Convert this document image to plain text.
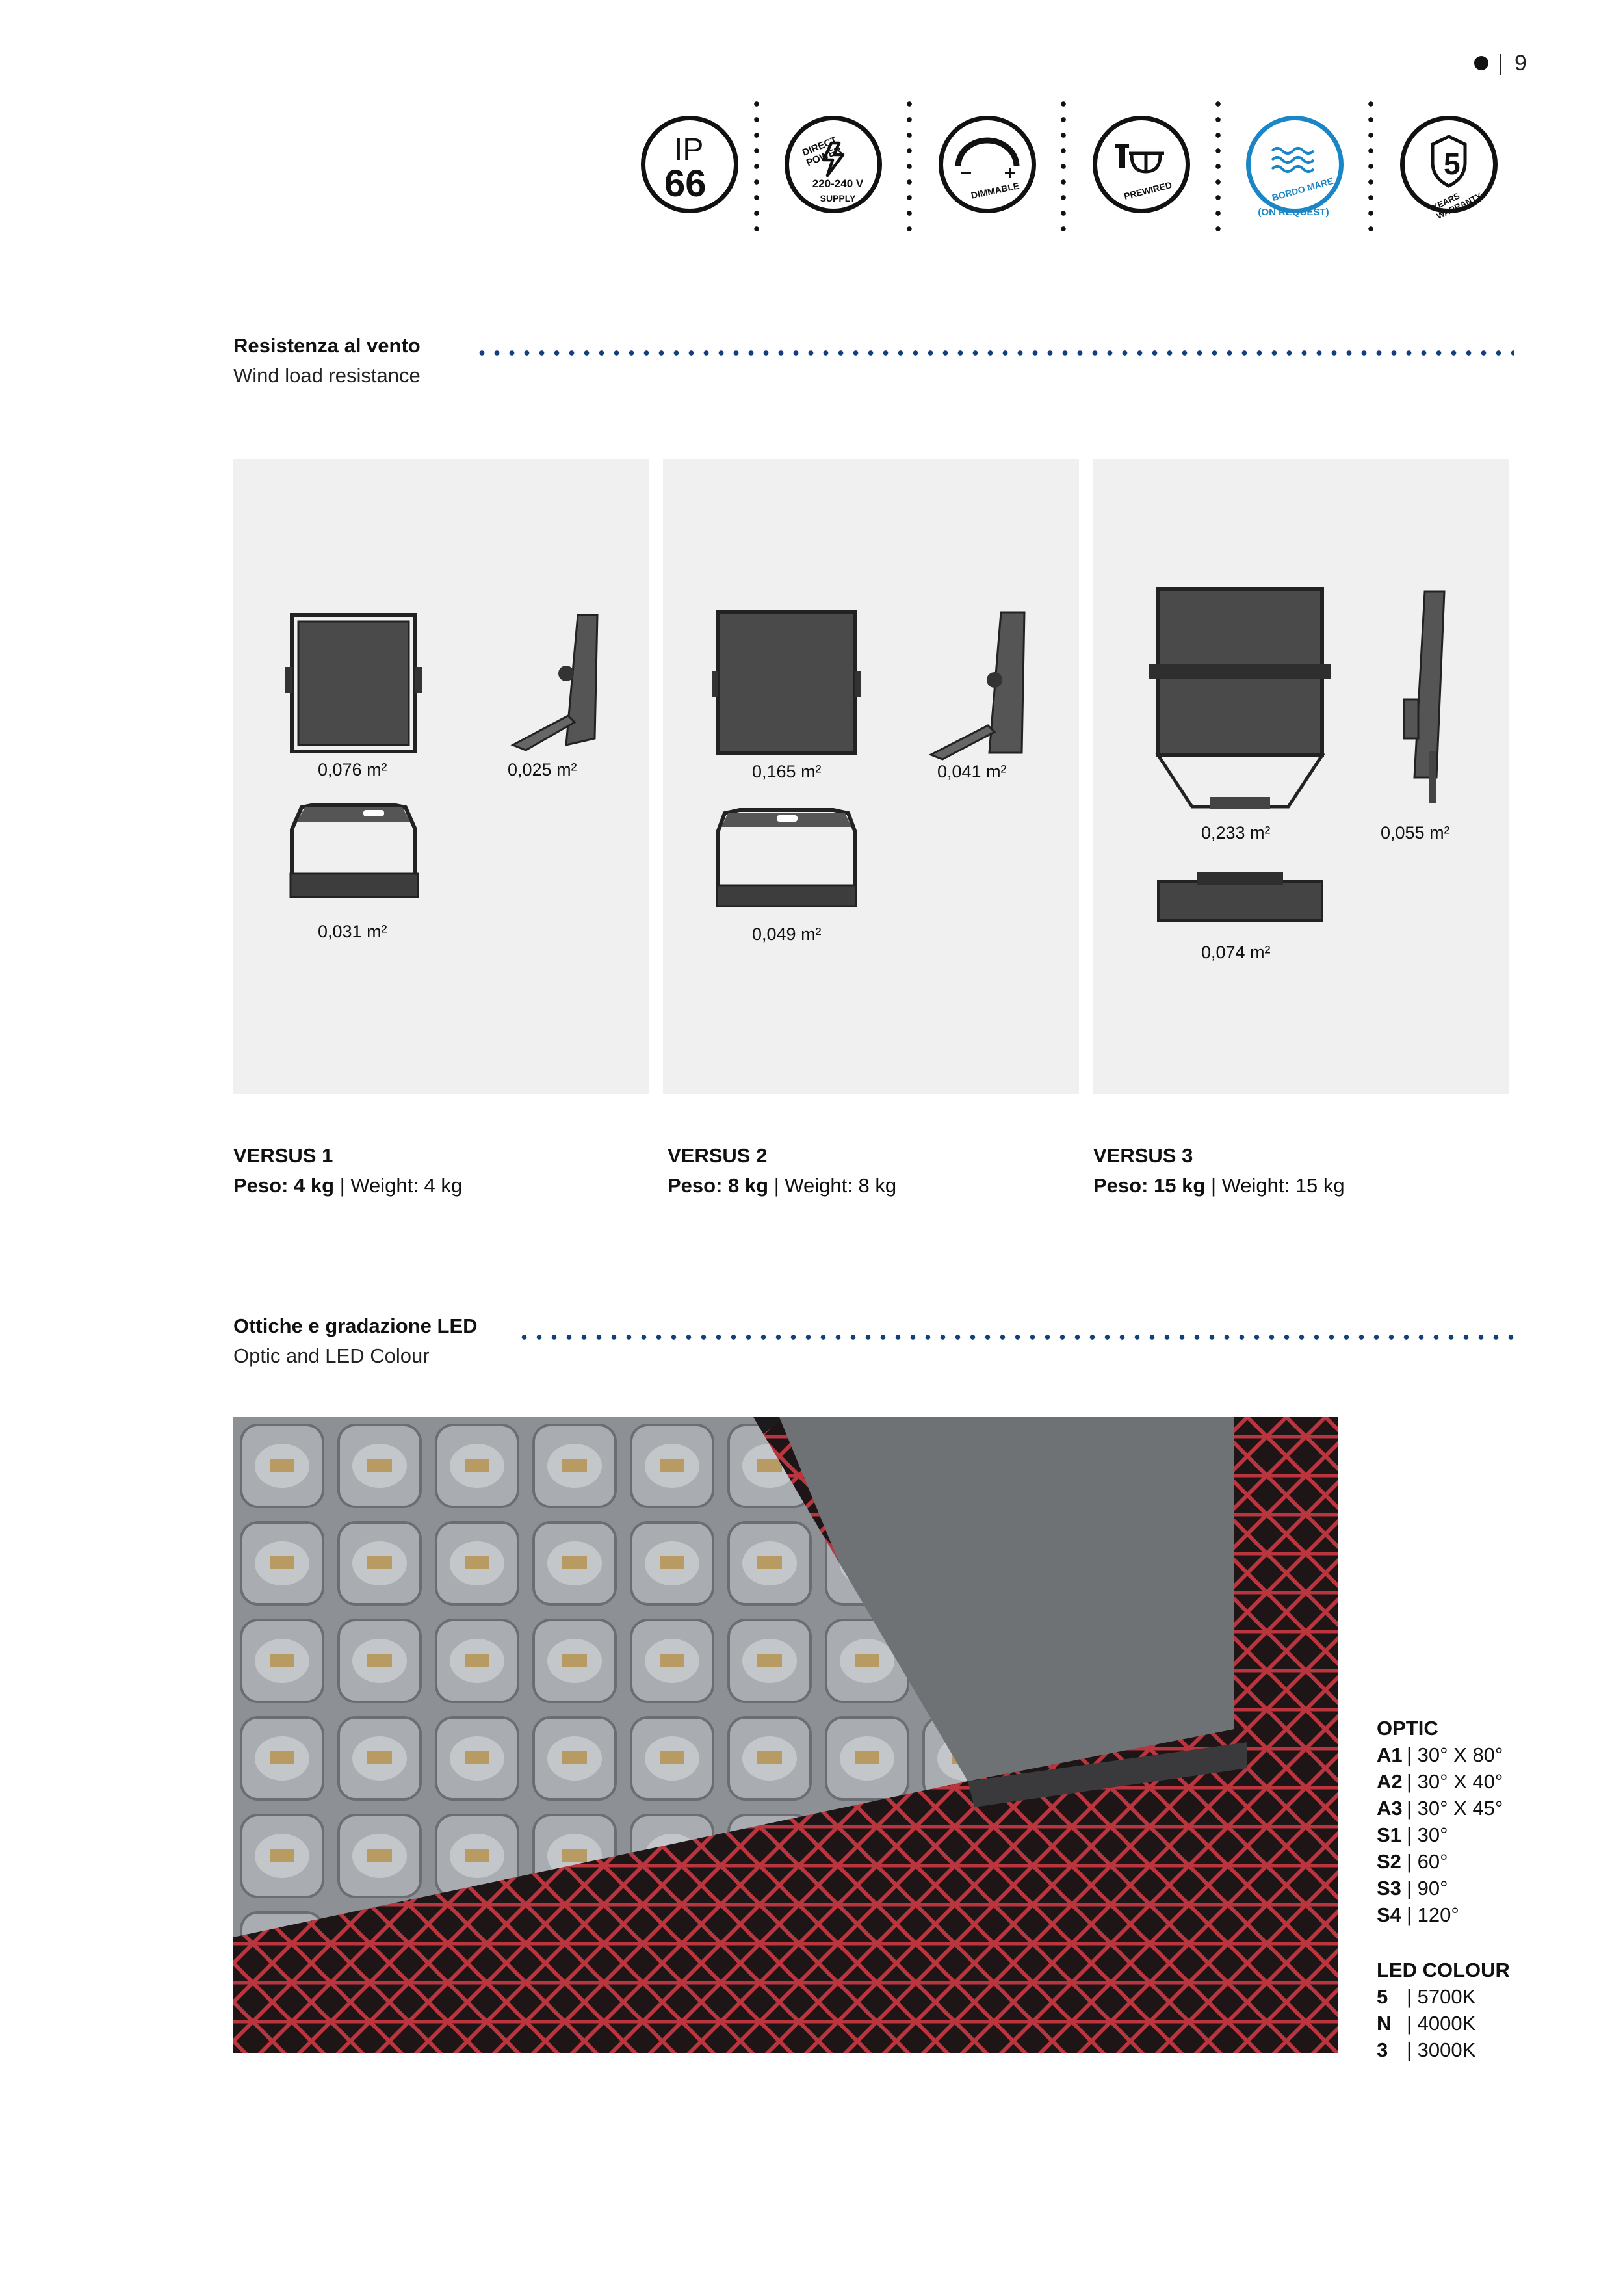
| 9
IP
66
DIRECT POWER
220-240 V
SUPPLY	DIMMABLE	PREWIRED	BORDO MARE
(ON REQUEST)
5
YEARS WARRANTY
Resistenza al vento
Wind load resistance
0,076 m²	0,025 m²
0,031 m²
0,165 m²	0,041 m²
0,049 m²
0,233 m²	0,055 m²
0,074 m²
VERSUS 1
Peso: 4 kg | Weight: 4 kg
VERSUS 2
Peso: 8 kg | Weight: 8 kg
VERSUS 3
Peso: 15 kg | Weight: 15 kg
Ottiche e gradazione LED
Optic and LED Colour
OPTIC
A1 | 30° X 80°
A2 | 30° X 40°
A3 | 30° X 45°
S1 | 30°
S2 | 60°
S3 | 90°
S4 | 120°
LED COLOUR
5 | 5700K
N | 4000K
3 | 3000K
